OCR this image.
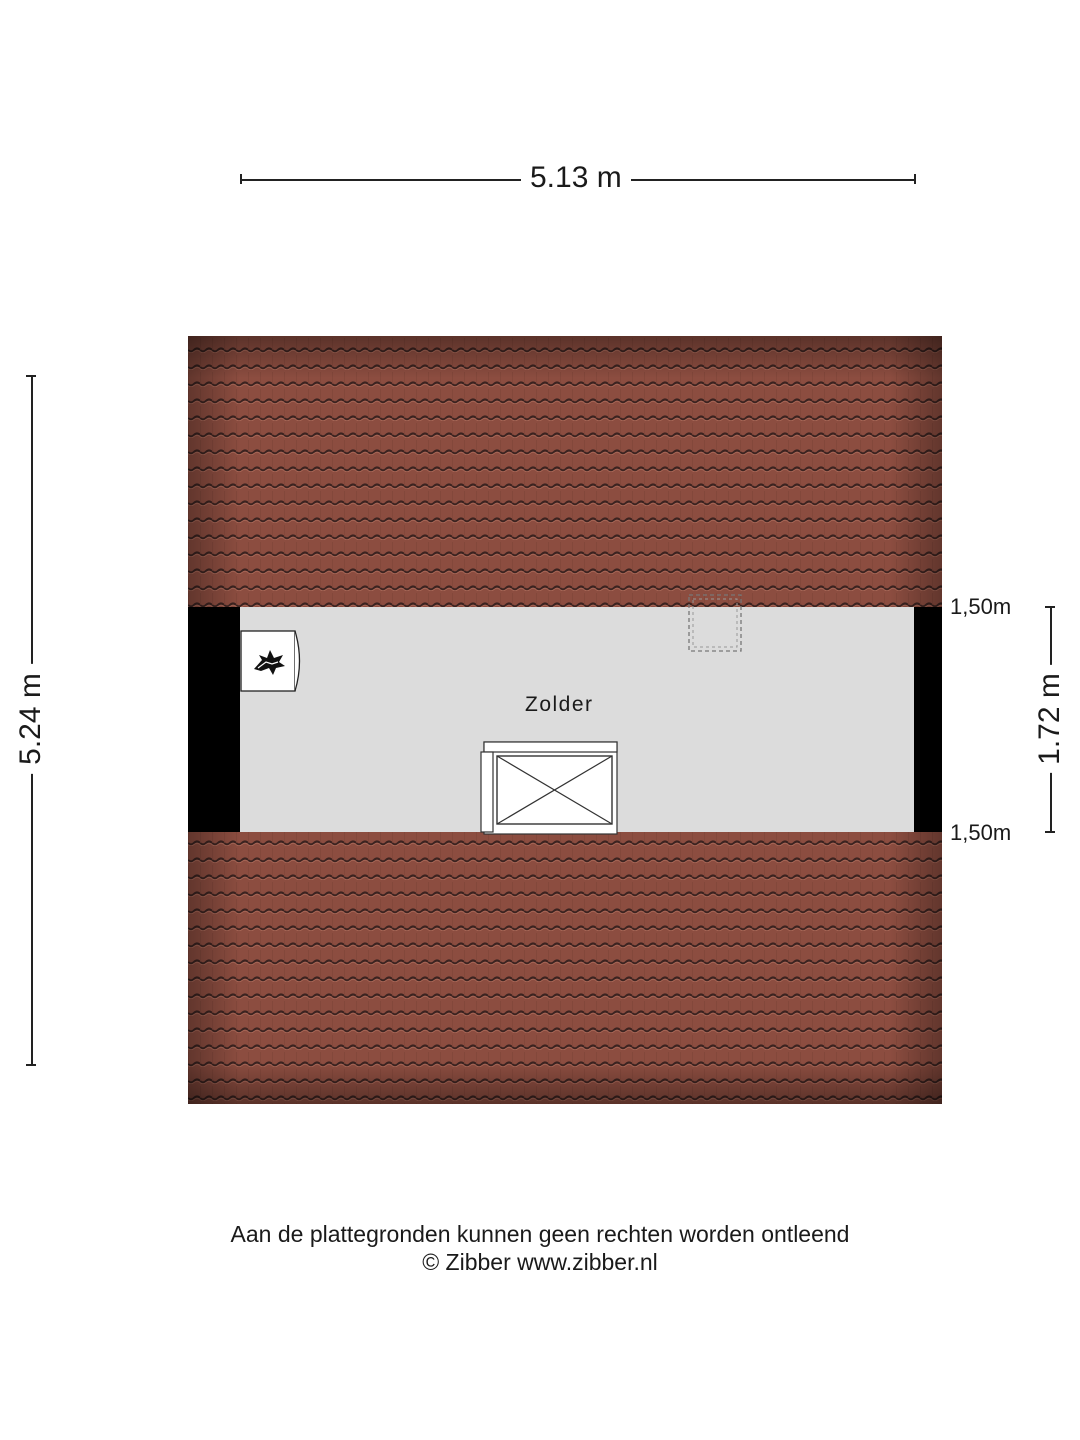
5.13 m
5.24 m	1.72 m
1,50m
1,50m
Zolder
Aan de plattegronden kunnen geen rechten worden ontleend
© Zibber www.zibber.nl
